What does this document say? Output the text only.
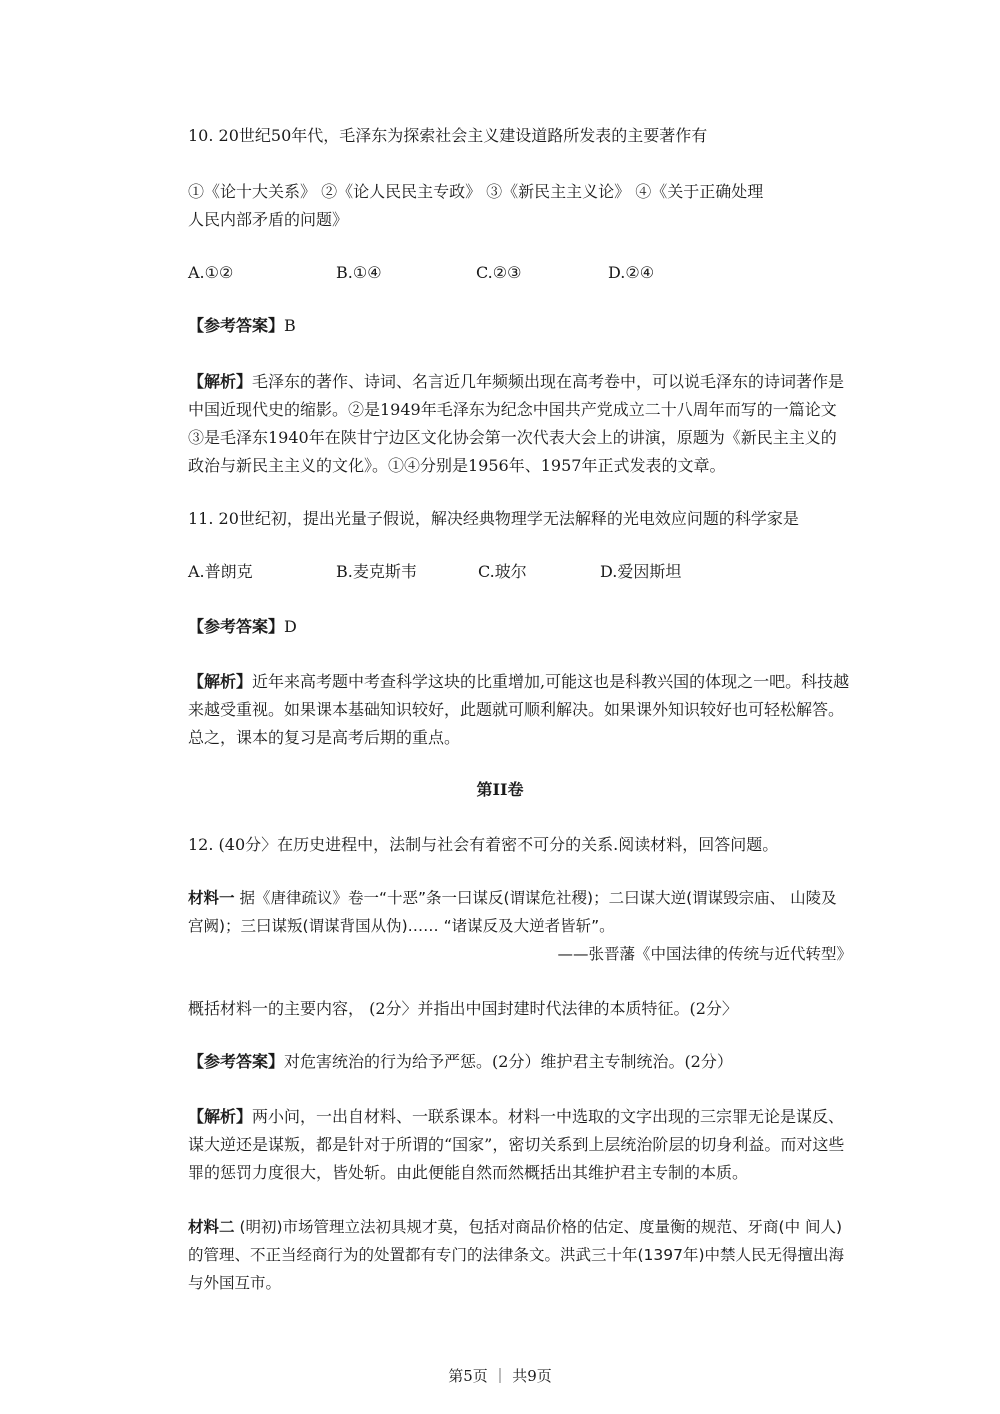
10. 20世纪50年代，毛泽东为探索社会主义建设道路所发表的主要著作有

①《论十大关系》 ②《论人民民主专政》 ③《新民主主义论》 ④《关于正确处理
人民内部矛盾的问题》
A.①②	B.①④	C.②③	D.②④

【参考答案】B

【解析】毛泽东的著作、诗词、名言近几年频频出现在高考卷中，可以说毛泽东的诗词著作是中国近现代史的缩影。②是1949年毛泽东为纪念中国共产党成立二十八周年而写的一篇论文③是毛泽东1940年在陕甘宁边区文化协会第一次代表大会上的讲演，原题为《新民主主义的政治与新民主主义的文化》。①④分别是1956年、1957年正式发表的文章。

11. 20世纪初，提出光量子假说，解决经典物理学无法解释的光电效应问题的科学家是

A.普朗克	B.麦克斯韦	C.玻尔	D.爱因斯坦

【参考答案】D

【解析】近年来高考题中考查科学这块的比重增加,可能这也是科教兴国的体现之一吧。科技越来越受重视。如果课本基础知识较好，此题就可顺利解决。如果课外知识较好也可轻松解答。总之，课本的复习是高考后期的重点。

第II卷

12. (40分〉在历史进程中，法制与社会有着密不可分的关系.阅读材料，回答问题。

材料一 据《唐律疏议》卷一“十恶”条一曰谋反(谓谋危社稷)；二曰谋大逆(谓谋毁宗庙、 山陵及宫阙)；三曰谋叛(谓谋背国从伪)…… “诸谋反及大逆者皆斩”。
——张晋藩《中国法律的传统与近代转型》

概括材料一的主要内容， (2分〉并指出中国封建时代法律的本质特征。(2分〉

【参考答案】对危害统治的行为给予严惩。(2分）维护君主专制统治。(2分）

【解析】两小问，一出自材料、一联系课本。材料一中选取的文字出现的三宗罪无论是谋反、谋大逆还是谋叛，都是针对于所谓的“国家”，密切关系到上层统治阶层的切身利益。而对这些罪的惩罚力度很大，皆处斩。由此便能自然而然概括出其维护君主专制的本质。

材料二 (明初)市场管理立法初具规才莫，包括对商品价格的估定、度量衡的规范、牙商(中 间人)的管理、不正当经商行为的处置都有专门的法律条文。洪武三十年(1397年)中禁人民无得擅出海与外国互市。
第5页 ｜ 共9页
